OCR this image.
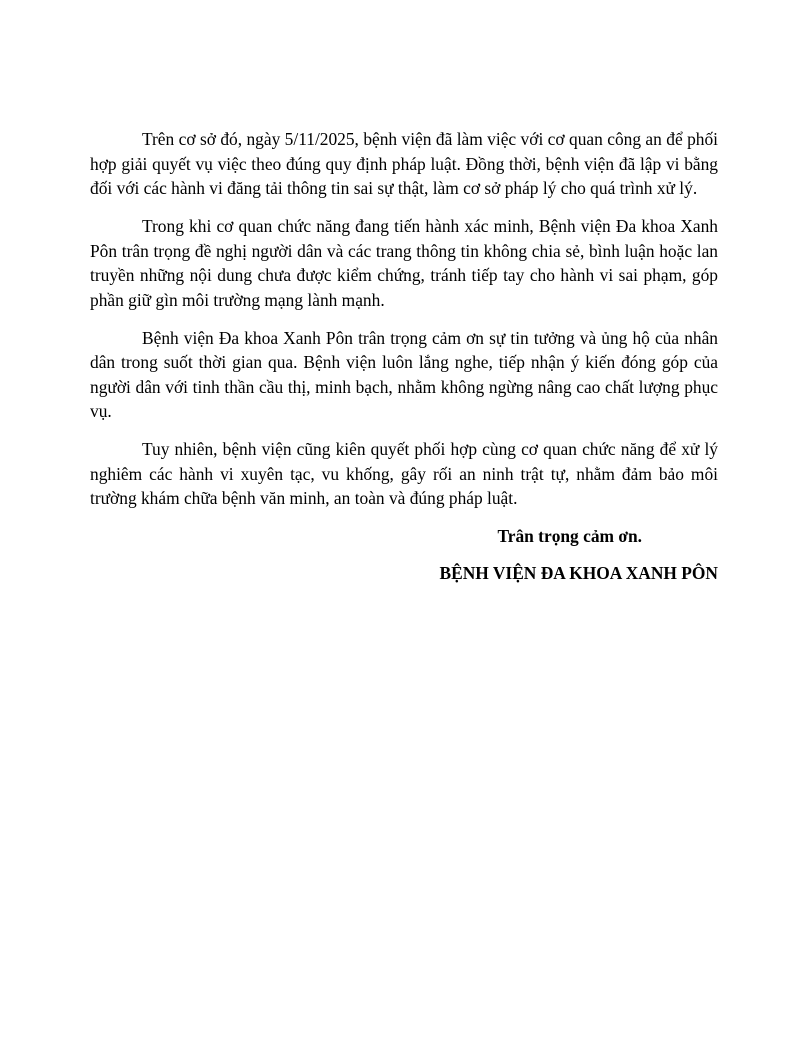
Trên cơ sở đó, ngày 5/11/2025, bệnh viện đã làm việc với cơ quan công an để phối hợp giải quyết vụ việc theo đúng quy định pháp luật. Đồng thời, bệnh viện đã lập vi bằng đối với các hành vi đăng tải thông tin sai sự thật, làm cơ sở pháp lý cho quá trình xử lý.

Trong khi cơ quan chức năng đang tiến hành xác minh, Bệnh viện Đa khoa Xanh Pôn trân trọng đề nghị người dân và các trang thông tin không chia sẻ, bình luận hoặc lan truyền những nội dung chưa được kiểm chứng, tránh tiếp tay cho hành vi sai phạm, góp phần giữ gìn môi trường mạng lành mạnh.

Bệnh viện Đa khoa Xanh Pôn trân trọng cảm ơn sự tin tưởng và ủng hộ của nhân dân trong suốt thời gian qua. Bệnh viện luôn lắng nghe, tiếp nhận ý kiến đóng góp của người dân với tinh thần cầu thị, minh bạch, nhằm không ngừng nâng cao chất lượng phục vụ.

Tuy nhiên, bệnh viện cũng kiên quyết phối hợp cùng cơ quan chức năng để xử lý nghiêm các hành vi xuyên tạc, vu khống, gây rối an ninh trật tự, nhằm đảm bảo môi trường khám chữa bệnh văn minh, an toàn và đúng pháp luật.

Trân trọng cảm ơn.

BỆNH VIỆN ĐA KHOA XANH PÔN
